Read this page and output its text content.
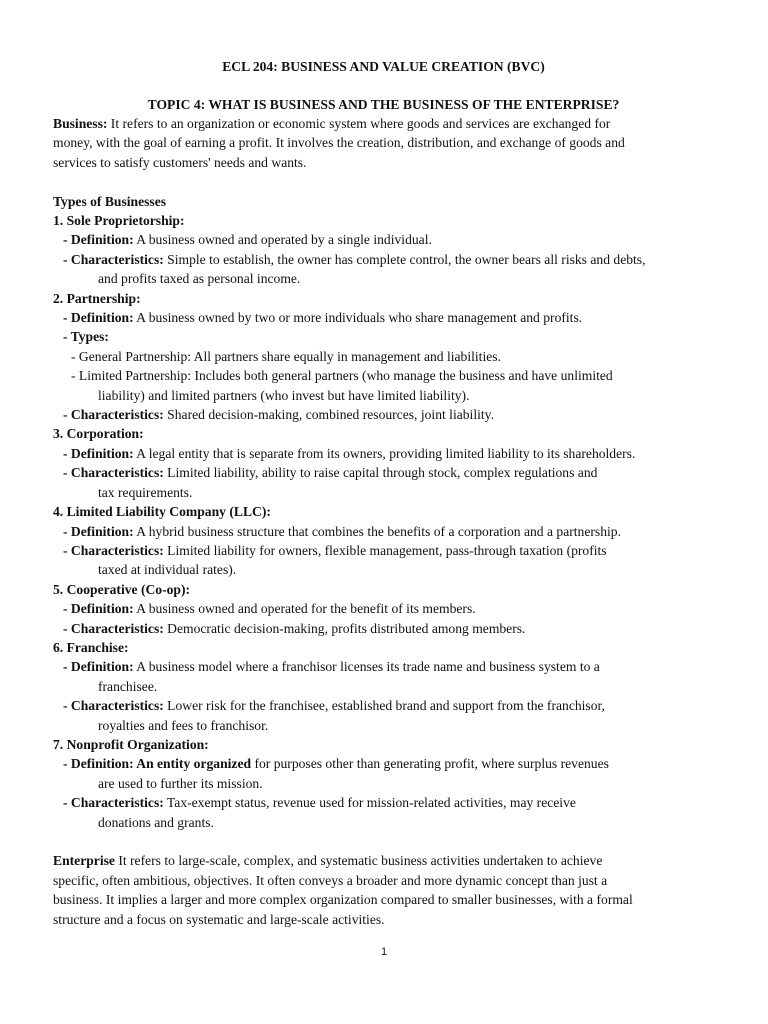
ECL 204: BUSINESS AND VALUE CREATION (BVC)

TOPIC 4: WHAT IS BUSINESS AND THE BUSINESS OF THE ENTERPRISE?

Business: It refers to an organization or economic system where goods and services are exchanged for

money, with the goal of earning a profit. It involves the creation, distribution, and exchange of goods and

services to satisfy customers' needs and wants.

Types of Businesses

1. Sole Proprietorship:

- Definition: A business owned and operated by a single individual.

- Characteristics: Simple to establish, the owner has complete control, the owner bears all risks and debts,

and profits taxed as personal income.

2. Partnership:

- Definition: A business owned by two or more individuals who share management and profits.

- Types:

- General Partnership: All partners share equally in management and liabilities.

- Limited Partnership: Includes both general partners (who manage the business and have unlimited

liability) and limited partners (who invest but have limited liability).

- Characteristics: Shared decision-making, combined resources, joint liability.

3. Corporation:

- Definition: A legal entity that is separate from its owners, providing limited liability to its shareholders.

- Characteristics: Limited liability, ability to raise capital through stock, complex regulations and

tax requirements.

4. Limited Liability Company (LLC):

- Definition: A hybrid business structure that combines the benefits of a corporation and a partnership.

- Characteristics: Limited liability for owners, flexible management, pass-through taxation (profits

taxed at individual rates).

5. Cooperative (Co-op):

- Definition: A business owned and operated for the benefit of its members.

- Characteristics: Democratic decision-making, profits distributed among members.

6. Franchise:

- Definition: A business model where a franchisor licenses its trade name and business system to a

franchisee.

- Characteristics: Lower risk for the franchisee, established brand and support from the franchisor,

royalties and fees to franchisor.

7. Nonprofit Organization:

- Definition: An entity organized for purposes other than generating profit, where surplus revenues

are used to further its mission.

- Characteristics: Tax-exempt status, revenue used for mission-related activities, may receive

donations and grants.

Enterprise It refers to large-scale, complex, and systematic business activities undertaken to achieve

specific, often ambitious, objectives. It often conveys a broader and more dynamic concept than just a

business. It implies a larger and more complex organization compared to smaller businesses, with a formal

structure and a focus on systematic and large-scale activities.

1
